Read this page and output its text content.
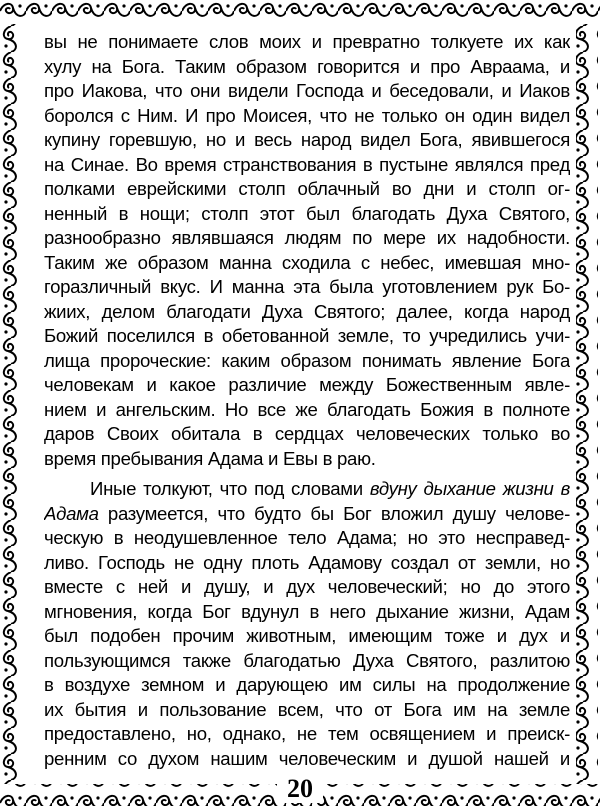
вы не понимаете слов моих и превратно толкуете их как
хулу на Бога. Таким образом говорится и про Авраама, и
про Иакова, что они видели Господа и беседовали, и Иаков
боролся с Ним. И про Моисея, что не только он один видел
купину горевшую, но и весь народ видел Бога, явившегося
на Синае. Во время странствования в пустыне являлся пред
полками еврейскими столп облачный во дни и столп ог-
ненный в нощи; столп этот был благодать Духа Святого,
разнообразно являвшаяся людям по мере их надобности.
Таким же образом манна сходила с небес, имевшая мно-
горазличный вкус. И манна эта была уготовлением рук Бо-
жиих, делом благодати Духа Святого; далее, когда народ
Божий поселился в обетованной земле, то учредились учи-
лища пророческие: каким образом понимать явление Бога
человекам и какое различие между Божественным явле-
нием и ангельским. Но все же благодать Божия в полноте
даров Своих обитала в сердцах человеческих только во
время пребывания Адама и Евы в раю.
Иные толкуют, что под словами вдуну дыхание жизни в
Адама разумеется, что будто бы Бог вложил душу челове-
ческую в неодушевленное тело Адама; но это несправед-
ливо. Господь не одну плоть Адамову создал от земли, но
вместе с ней и душу, и дух человеческий; но до этого
мгновения, когда Бог вдунул в него дыхание жизни, Адам
был подобен прочим животным, имеющим тоже и дух и
пользующимся также благодатью Духа Святого, разлитою
в воздухе земном и дарующею им силы на продолжение
их бытия и пользование всем, что от Бога им на земле
предоставлено, но, однако, не тем освящением и преиск-
ренним со духом нашим человеческим и душой нашей и
20
